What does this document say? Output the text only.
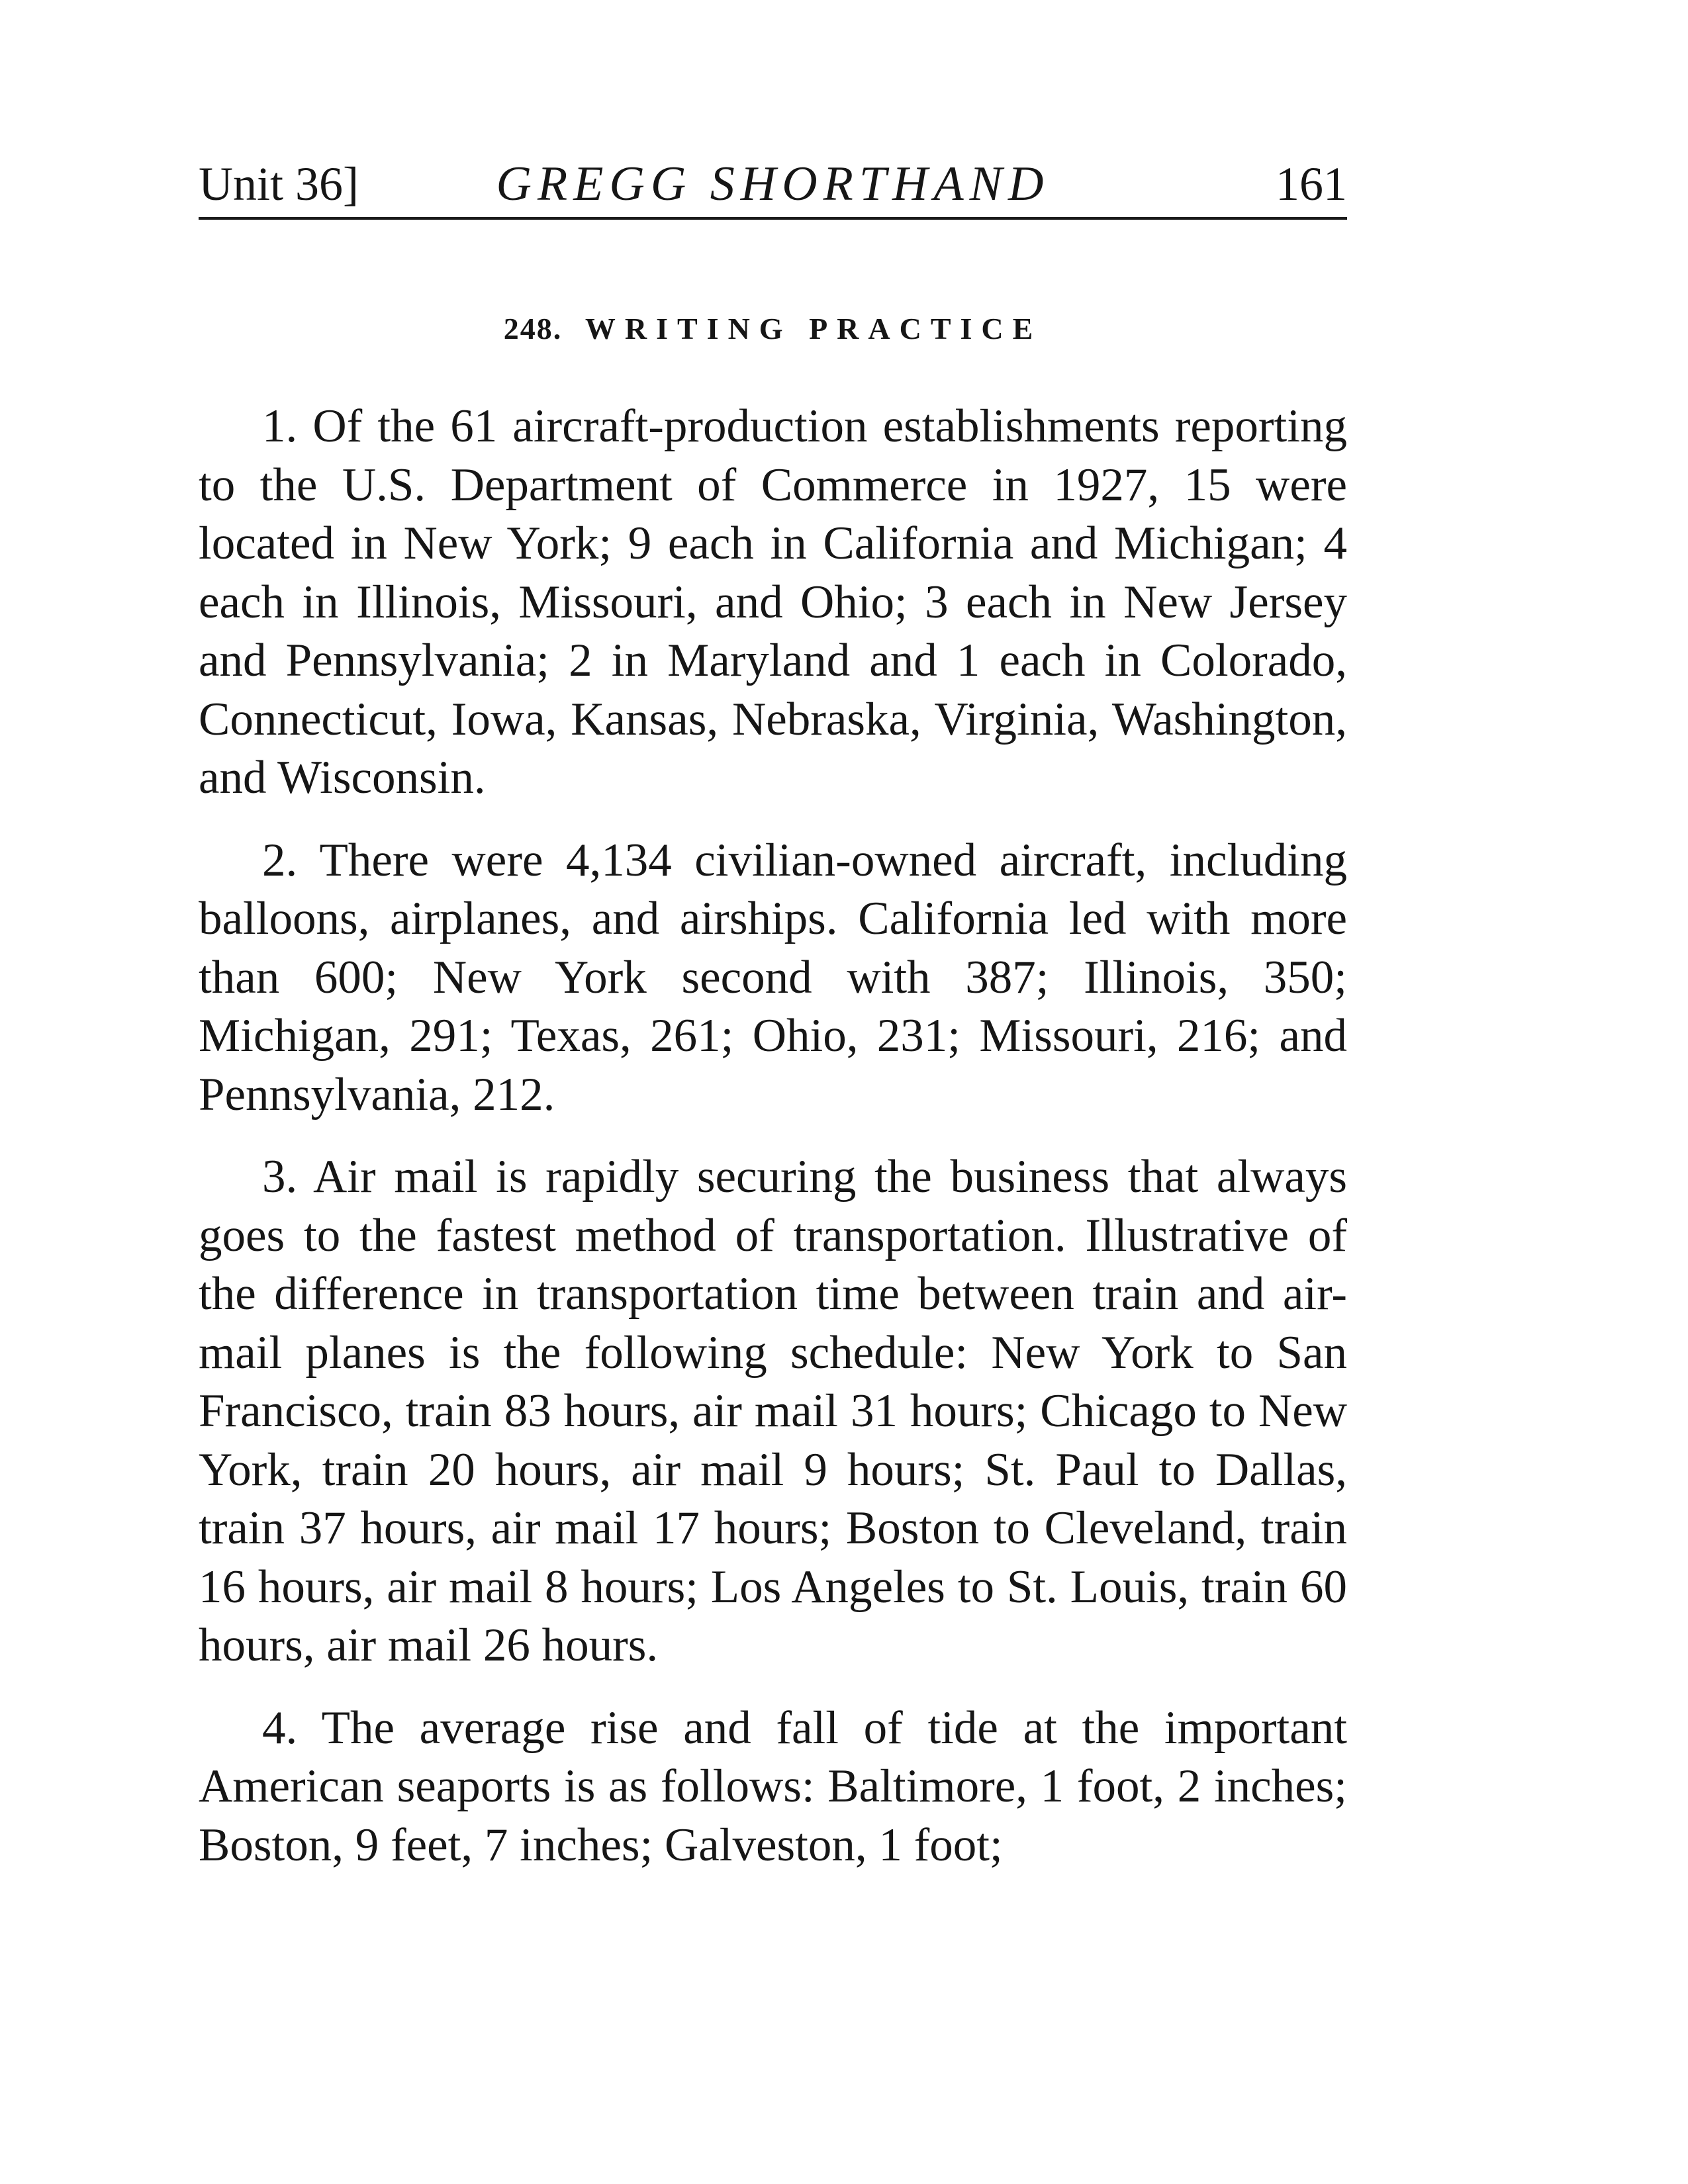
Unit 36]	GREGG SHORTHAND	161
248. WRITING PRACTICE

1. Of the 61 aircraft-production establishments reporting to the U.S. Department of Commerce in 1927, 15 were located in New York; 9 each in California and Michigan; 4 each in Illinois, Missouri, and Ohio; 3 each in New Jersey and Pennsylvania; 2 in Maryland and 1 each in Colorado, Connecticut, Iowa, Kansas, Nebraska, Virginia, Washington, and Wisconsin.

2. There were 4,134 civilian-owned aircraft, including balloons, airplanes, and airships. California led with more than 600; New York second with 387; Illinois, 350; Michigan, 291; Texas, 261; Ohio, 231; Missouri, 216; and Pennsylvania, 212.

3. Air mail is rapidly securing the business that always goes to the fastest method of transportation. Illustrative of the difference in transportation time between train and air-mail planes is the following schedule: New York to San Francisco, train 83 hours, air mail 31 hours; Chicago to New York, train 20 hours, air mail 9 hours; St. Paul to Dallas, train 37 hours, air mail 17 hours; Boston to Cleveland, train 16 hours, air mail 8 hours; Los Angeles to St. Louis, train 60 hours, air mail 26 hours.

4. The average rise and fall of tide at the important American seaports is as follows: Baltimore, 1 foot, 2 inches; Boston, 9 feet, 7 inches; Galveston, 1 foot;
